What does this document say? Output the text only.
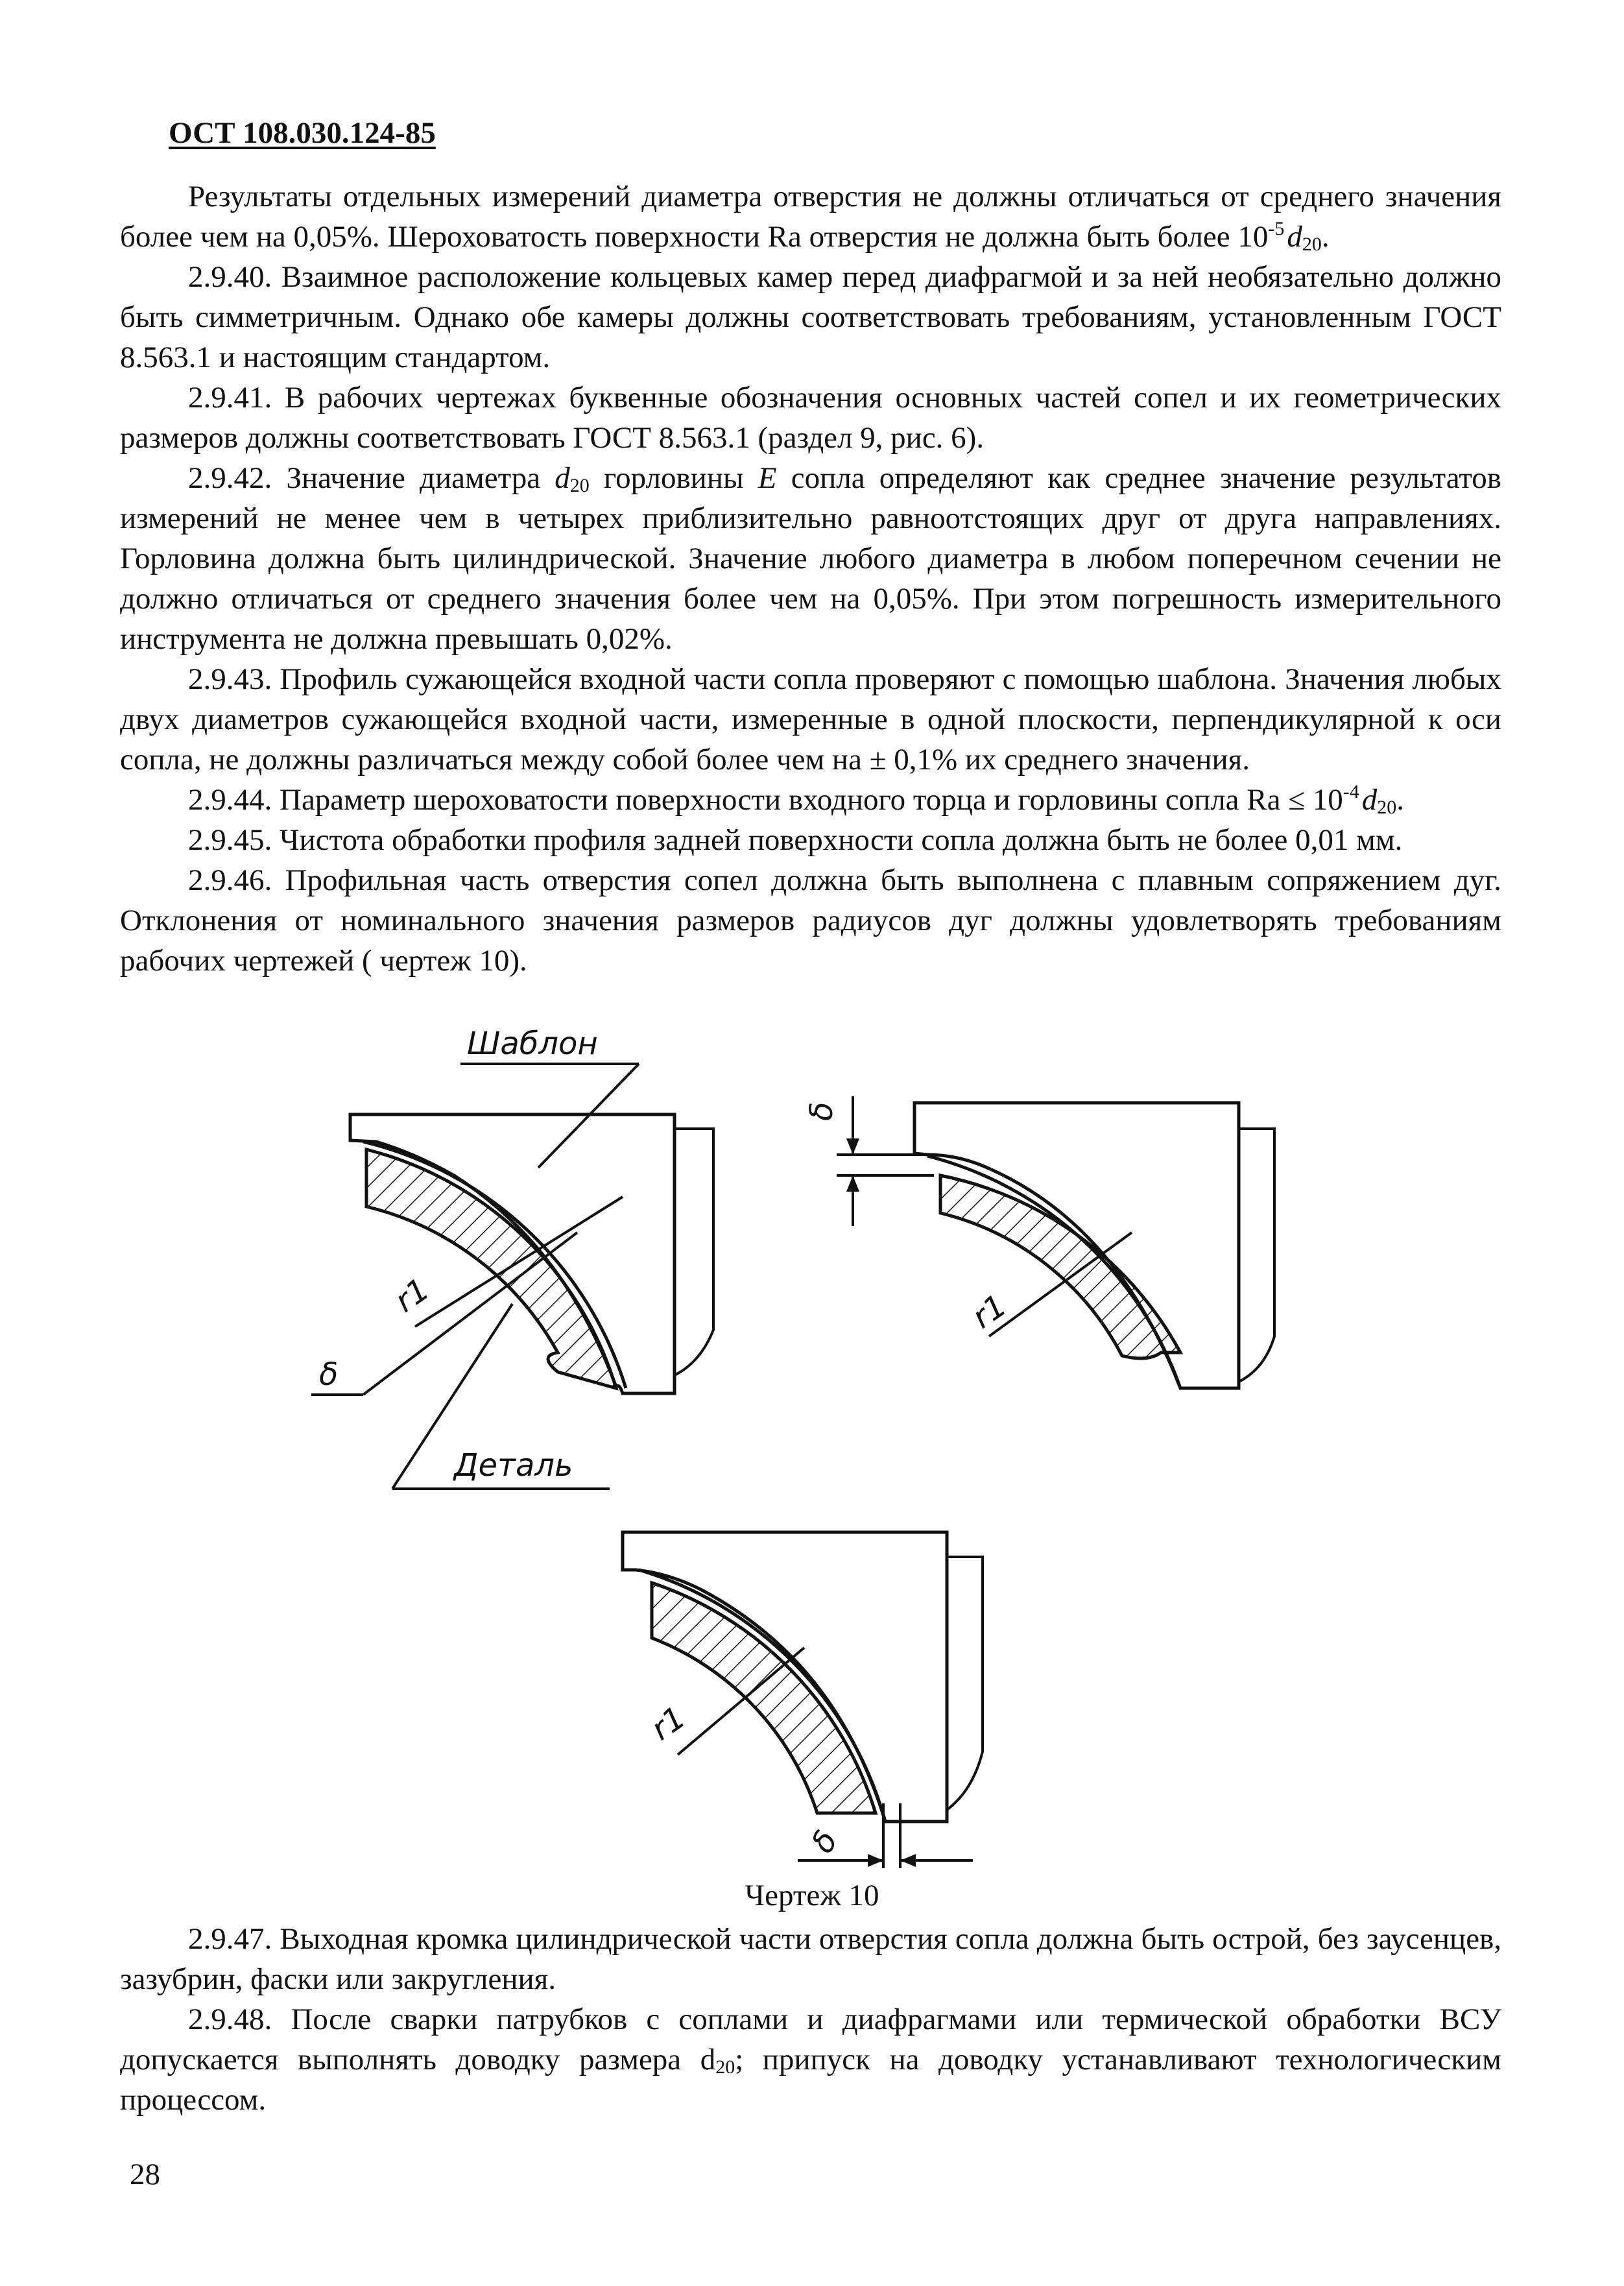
ОСТ 108.030.124-85

Результаты отдельных измерений диаметра отверстия не должны отличаться от среднего значения более чем на 0,05%. Шероховатость поверхности Ra отверстия не должна быть более $10^{-5}$ $d_{20}$.

2.9.40. Взаимное расположение кольцевых камер перед диафрагмой и за ней необязательно должно быть симметричным. Однако обе камеры должны соответствовать требованиям, установленным ГОСТ 8.563.1 и настоящим стандартом.

2.9.41. В рабочих чертежах буквенные обозначения основных частей сопел и их геометрических размеров должны соответствовать ГОСТ 8.563.1 (раздел 9, рис. 6).

2.9.42. Значение диаметра $d_{20}$ горловины E сопла определяют как среднее значение результатов измерений не менее чем в четырех приблизительно равноотстоящих друг от друга направлениях. Горловина должна быть цилиндрической. Значение любого диаметра в любом поперечном сечении не должно отличаться от среднего значения более чем на 0,05%. При этом погрешность измерительного инструмента не должна превышать 0,02%.

2.9.43. Профиль сужающейся входной части сопла проверяют с помощью шаблона. Значения любых двух диаметров сужающейся входной части, измеренные в одной плоскости, перпендикулярной к оси сопла, не должны различаться между собой более чем на ± 0,1% их среднего значения.

2.9.44. Параметр шероховатости поверхности входного торца и горловины сопла $Ra \le 10^{-4}$ $d_{20}$.

2.9.45. Чистота обработки профиля задней поверхности сопла должна быть не более 0,01 мм.

2.9.46. Профильная часть отверстия сопел должна быть выполнена с плавным сопряжением дуг. Отклонения от номинального значения размеров радиусов дуг должны удовлетворять требованиям рабочих чертежей ( чертеж 10).

Шаблон
r1
δ
Деталь
δ
r1
r1
δ
Чертеж 10

2.9.47. Выходная кромка цилиндрической части отверстия сопла должна быть острой, без заусенцев, зазубрин, фаски или закругления.

2.9.48. После сварки патрубков с соплами и диафрагмами или термической обработки ВСУ допускается выполнять доводку размера $d_{20}$; припуск на доводку устанавливают технологическим процессом.

28
